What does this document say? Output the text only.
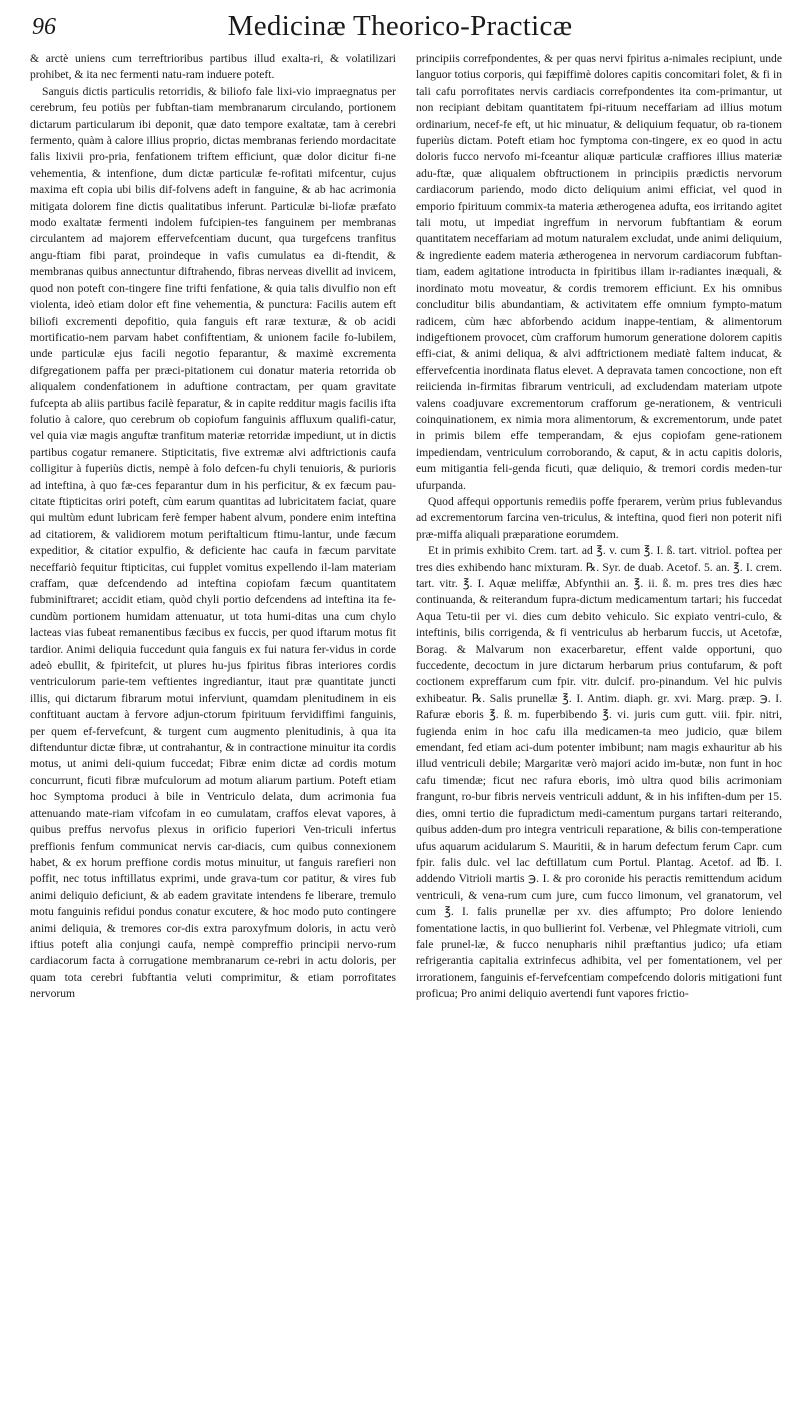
96	Medicinæ Theorico-Practicæ

& arctè uniens cum terreftrioribus partibus illud exalta-ri, & volatilizari prohibet, & ita nec fermenti natu-ram induere poteft.

Sanguis dictis particulis retorridis, & biliofo fale lixi-vio impraegnatus per cerebrum, feu potiùs per fubftan-tiam membranarum circulando, portionem dictarum particularum ibi deponit, quæ dato tempore exaltatæ, tam à cerebri fermento, quàm à calore illius proprio, dictas membranas feriendo mordacitate falis lixivii pro-pria, fenfationem triftem efficiunt, quæ dolor dicitur fi-ne vehementia, & intenfione, dum dictæ particulæ fe-rofitati mifcentur, cujus maxima eft copia ubi bilis dif-folvens adeft in fanguine, & ab hac acrimonia mitigata dolorem fine dictis qualitatibus inferunt. Particulæ bi-liofæ præfato modo exaltatæ fermenti indolem fufcipien-tes fanguinem per membranas circulantem ad majorem effervefcentiam ducunt, qua turgefcens tranfitus angu-ftiam fibi parat, proindeque in vafis cumulatus ea di-ftendit, & membranas quibus annectuntur diftrahendo, fibras nerveas divellit ad invicem, quod non poteft con-tingere fine trifti fenfatione, & quia talis divulfio non eft violenta, ideò etiam dolor eft fine vehementia, & punctura: Facilis autem eft biliofi excrementi depofitio, quia fanguis eft raræ texturæ, & ob acidi mortificatio-nem parvam habet confiftentiam, & unionem facile fo-lubilem, unde particulæ ejus facili negotio feparantur, & maximè excrementa difgregationem paffa per præci-pitationem cui donatur materia retorrida ob aliqualem condenfationem in aduftione contractam, per quam gravitate fufcepta ab aliis partibus facilè feparatur, & in capite redditur magis facilis ifta folutio à calore, quo cerebrum ob copiofum fanguinis affluxum qualifi-catur, vel quia viæ magis anguftæ tranfitum materiæ retorridæ impediunt, ut in dictis partibus cogatur remanere. Stipticitatis, five extremæ alvi adftrictionis caufa colligitur à fuperiùs dictis, nempè à folo defcen-fu chyli tenuioris, & purioris ad inteftina, à quo fæ-ces feparantur dum in his perficitur, & ex fæcum pau-citate ftipticitas oriri poteft, cùm earum quantitas ad lubricitatem faciat, quare qui multùm edunt lubricam ferè femper habent alvum, pondere enim inteftina ad citatiorem, & validiorem motum periftalticum ftimu-lantur, unde fæcum expeditior, & citatior expulfio, & deficiente hac caufa in fæcum parvitate neceffariò fequitur ftipticitas, cui fupplet vomitus expellendo il-lam materiam craffam, quæ defcendendo ad inteftina copiofam fæcum quantitatem fubminiftraret; accidit etiam, quòd chyli portio defcendens ad inteftina ita fe-cundùm portionem humidam attenuatur, ut tota humi-ditas una cum chylo lacteas vias fubeat remanentibus fæcibus ex fuccis, per quod iftarum motus fit tardior. Animi deliquia fuccedunt quia fanguis ex fui natura fer-vidus in corde adeò ebullit, & fpiritefcit, ut plures hu-jus fpiritus fibras interiores cordis ventriculorum parie-tem veftientes ingrediantur, itaut præ quantitate juncti illis, qui dictarum fibrarum motui inferviunt, quamdam plenitudinem in eis conftituant auctam à fervore adjun-ctorum fpirituum fervidiffimi fanguinis, per quem ef-fervefcunt, & turgent cum augmento plenitudinis, à qua ita diftenduntur dictæ fibræ, ut contrahantur, & in contractione minuitur ita cordis motus, ut animi deli-quium fuccedat; Fibræ enim dictæ ad cordis motum concurrunt, ficuti fibræ mufculorum ad motum aliarum partium. Poteft etiam hoc Symptoma produci à bile in Ventriculo delata, dum acrimonia fua attenuando mate-riam vifcofam in eo cumulatam, craffos elevat vapores, à quibus preffus nervofus plexus in orificio fuperiori Ven-triculi infertus preffionis fenfum communicat nervis car-diacis, cum quibus connexionem habet, & ex horum preffione cordis motus minuitur, ut fanguis rarefieri non poffit, nec totus inftillatus exprimi, unde grava-tum cor patitur, & vires fub animi deliquio deficiunt, & ab eadem gravitate intendens fe liberare, tremulo motu fanguinis refidui pondus conatur excutere, & hoc modo puto contingere animi deliquia, & tremores cor-dis extra paroxyfmum doloris, in actu verò iftius poteft alia conjungi caufa, nempè compreffio principii nervo-rum cardiacorum facta à corrugatione membranarum ce-rebri in actu doloris, per quam tota cerebri fubftantia veluti comprimitur, & etiam porrofitates nervorum

principiis correfpondentes, & per quas nervi fpiritus a-nimales recipiunt, unde languor totius corporis, qui fæpiffimè dolores capitis concomitari folet, & fi in tali cafu porrofitates nervis cardiacis correfpondentes ita com-primantur, ut non recipiant debitam quantitatem fpi-rituum neceffariam ad illius motum ordinarium, necef-fe eft, ut hic minuatur, & deliquium fequatur, ob ra-tionem fuperiùs dictam. Poteft etiam hoc fymptoma con-tingere, ex eo quod in actu doloris fucco nervofo mi-fceantur aliquæ particulæ craffiores illius materiæ adu-ftæ, quæ aliqualem obftructionem in principiis prædictis nervorum cardiacorum pariendo, modo dicto deliquium animi efficiat, vel quod in emporio fpirituum commix-ta materia ætherogenea adufta, eos irritando agitet tali motu, ut impediat ingreffum in nervorum fubftantiam & eorum quantitatem neceffariam ad motum naturalem excludat, unde animi deliquium, & ingrediente eadem materia ætherogenea in nervorum cardiacorum fubftan-tiam, eadem agitatione introducta in fpiritibus illam ir-radiantes inæquali, & inordinato motu moveatur, & cordis tremorem efficiunt. Ex his omnibus concluditur bilis abundantiam, & activitatem effe omnium fympto-matum radicem, cùm hæc abforbendo acidum inappe-tentiam, & alimentorum indigeftionem provocet, cùm crafforum humorum generatione dolorem capitis effi-ciat, & animi deliqua, & alvi adftrictionem mediatè faltem inducat, & effervefcentia inordinata flatus elevet. A depravata tamen concoctione, non eft reiicienda in-firmitas fibrarum ventriculi, ad excludendam materiam utpote valens coadjuvare excrementorum crafforum ge-nerationem, & ventriculi coinquinationem, ex nimia mora alimentorum, & excrementorum, unde patet in primis bilem effe temperandam, & ejus copiofam gene-rationem impediendam, ventriculum corroborando, & caput, & in actu capitis doloris, eum mitigantia feli-genda ficuti, quæ deliquio, & tremori cordis meden-tur ufurpanda.

Quod affequi opportunis remediis poffe fperarem, verùm prius fublevandus ad excrementorum farcina ven-triculus, & inteftina, quod fieri non poterit nifi præ-miffa aliquali præparatione eorumdem.

Et in primis exhibito Crem. tart. ad ℥. v. cum ℥. I. ß. tart. vitriol. poftea per tres dies exhibendo hanc mixturam. ℞. Syr. de duab. Acetof. 5. an. ℥. I. crem. tart. vitr. ℥. I. Aquæ meliffæ, Abfynthii an. ℥. ii. ß. m. pres tres dies hæc continuanda, & reiterandum fupra-dictum medicamentum tartari; his fuccedat Aqua Tetu-tii per vi. dies cum debito vehiculo. Sic expiato ventri-culo, & inteftinis, bilis corrigenda, & fi ventriculus ab herbarum fuccis, ut Acetofæ, Borag. & Malvarum non exacerbaretur, effent valde opportuni, quo fuccedente, decoctum in jure dictarum herbarum prius contufarum, & poft coctionem expreffarum cum fpir. vitr. dulcif. pro-pinandum. Vel hic pulvis exhibeatur. ℞. Salis prunellæ ℥. I. Antim. diaph. gr. xvi. Marg. præp. ℈. I. Rafuræ eboris ℥. ß. m. fuperbibendo ℥. vi. juris cum gutt. viii. fpir. nitri, fugienda enim in hoc cafu illa medicamen-ta meo judicio, quæ bilem emendant, fed etiam aci-dum potenter imbibunt; nam magis exhauritur ab his illud ventriculi debile; Margaritæ verò majori acido im-butæ, non funt in hoc cafu timendæ; ficut nec rafura eboris, imò ultra quod bilis acrimoniam frangunt, ro-bur fibris nerveis ventriculi addunt, & in his infiften-dum per 15. dies, omni tertio die fupradictum medi-camentum purgans tartari reiterando, quibus adden-dum pro integra ventriculi reparatione, & bilis con-temperatione ufus aquarum acidularum S. Mauritii, & in harum defectum ferum Capr. cum fpir. falis dulc. vel lac deftillatum cum Portul. Plantag. Acetof. ad ℔. I. addendo Vitrioli martis ℈. I. & pro coronide his peractis remittendum acidum ventriculi, & vena-rum cum jure, cum fucco limonum, vel granatorum, vel cum ℥. I. falis prunellæ per xv. dies affumpto; Pro dolore leniendo fomentatione lactis, in quo bullierint fol. Verbenæ, vel Phlegmate vitrioli, cum fale prunel-læ, & fucco nenupharis nihil præftantius judico; ufa etiam refrigerantia capitalia extrinfecus adhibita, vel per fomentationem, vel per irrorationem, fanguinis ef-fervefcentiam compefcendo doloris mitigationi funt proficua; Pro animi deliquio avertendi funt vapores frictio-
